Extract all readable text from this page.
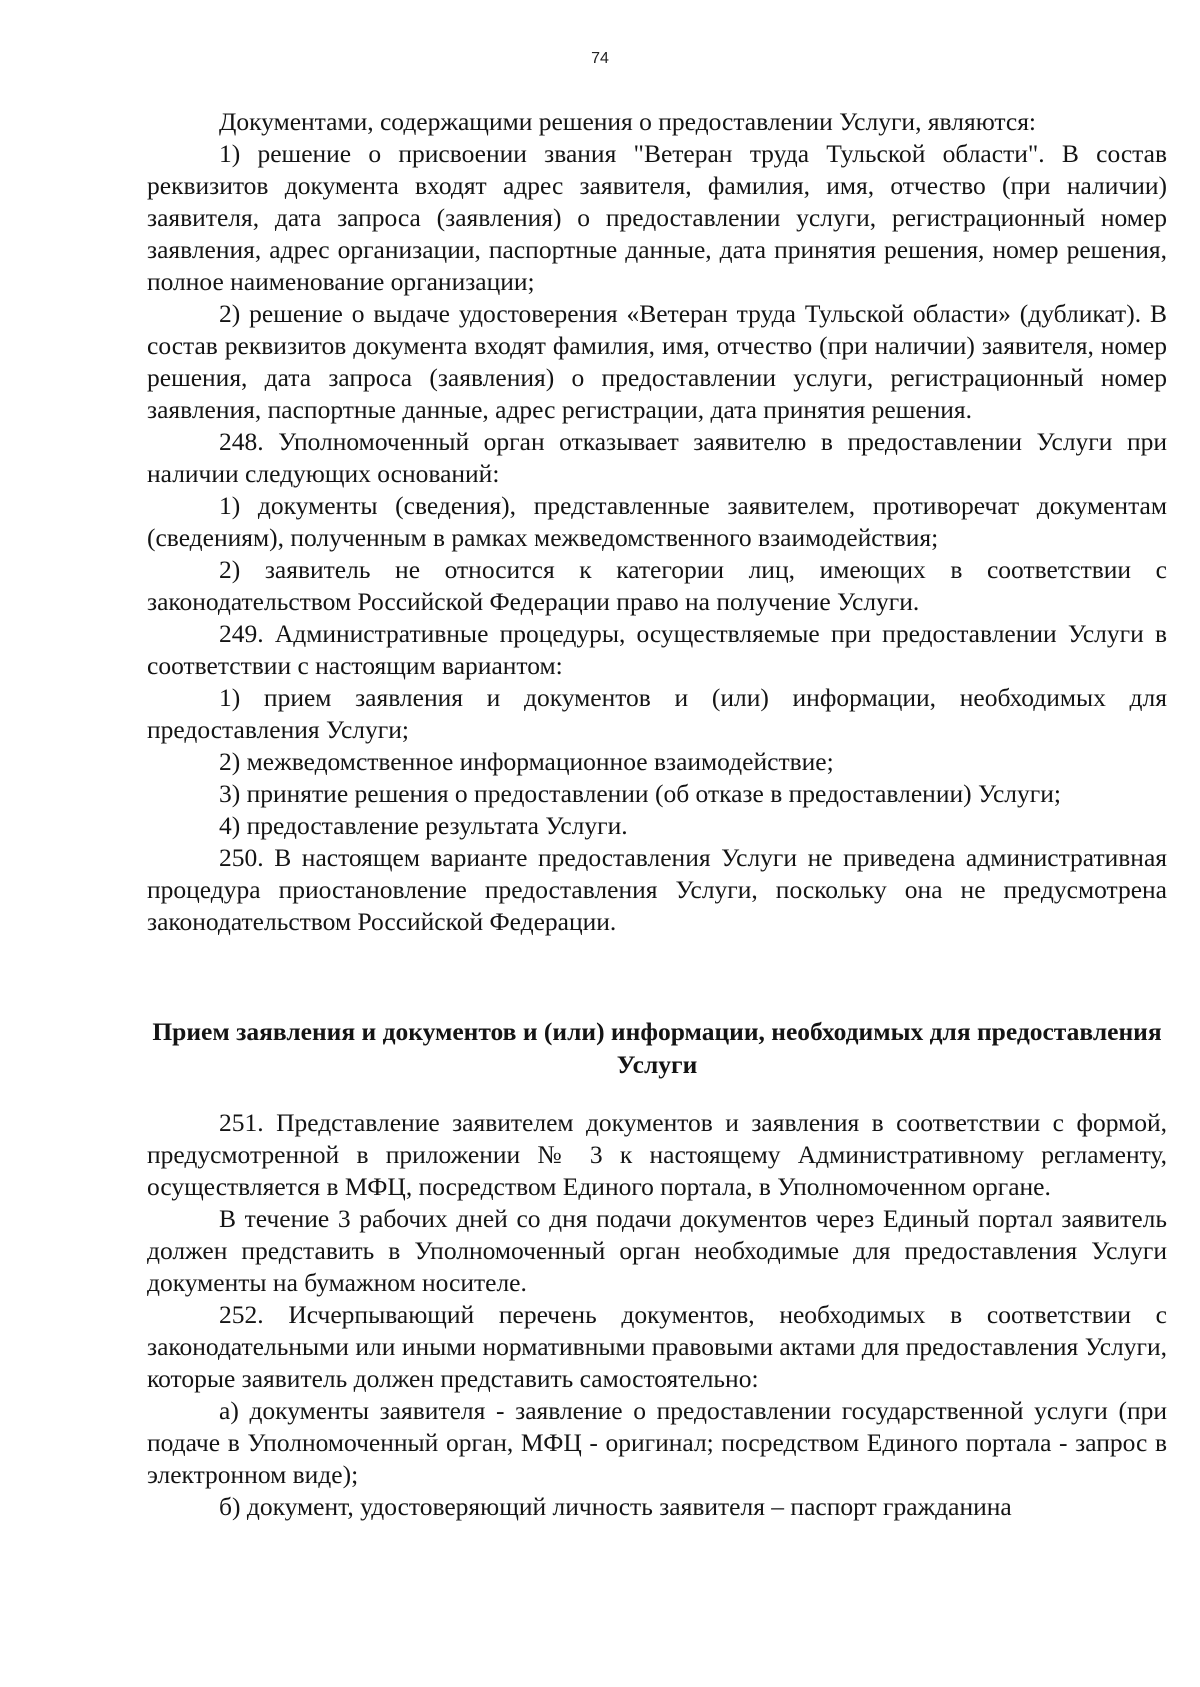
74

Документами, содержащими решения о предоставлении Услуги, являются:

1) решение о присвоении звания "Ветеран труда Тульской области". В состав реквизитов документа входят адрес заявителя, фамилия, имя, отчество (при наличии) заявителя, дата запроса (заявления) о предоставлении услуги, регистрационный номер заявления, адрес организации, паспортные данные, дата принятия решения, номер решения, полное наименование организации;

2) решение о выдаче удостоверения «Ветеран труда Тульской области» (дубликат). В состав реквизитов документа входят фамилия, имя, отчество (при наличии) заявителя, номер решения, дата запроса (заявления) о предоставлении услуги, регистрационный номер заявления, паспортные данные, адрес регистрации, дата принятия решения.

248. Уполномоченный орган отказывает заявителю в предоставлении Услуги при наличии следующих оснований:

1) документы (сведения), представленные заявителем, противоречат документам (сведениям), полученным в рамках межведомственного взаимодействия;

2) заявитель не относится к категории лиц, имеющих в соответствии с законодательством Российской Федерации право на получение Услуги.

249. Административные процедуры, осуществляемые при предоставлении Услуги в соответствии с настоящим вариантом:

1) прием заявления и документов и (или) информации, необходимых для предоставления Услуги;

2) межведомственное информационное взаимодействие;

3) принятие решения о предоставлении (об отказе в предоставлении) Услуги;

4) предоставление результата Услуги.

250. В настоящем варианте предоставления Услуги не приведена административная процедура приостановление предоставления Услуги, поскольку она не предусмотрена законодательством Российской Федерации.

Прием заявления и документов и (или) информации, необходимых для предоставления Услуги

251. Представление заявителем документов и заявления в соответствии с формой, предусмотренной в приложении № 3 к настоящему Административному регламенту, осуществляется в МФЦ, посредством Единого портала, в Уполномоченном органе.

В течение 3 рабочих дней со дня подачи документов через Единый портал заявитель должен представить в Уполномоченный орган необходимые для предоставления Услуги документы на бумажном носителе.

252. Исчерпывающий перечень документов, необходимых в соответствии с законодательными или иными нормативными правовыми актами для предоставления Услуги, которые заявитель должен представить самостоятельно:

а) документы заявителя - заявление о предоставлении государственной услуги (при подаче в Уполномоченный орган, МФЦ - оригинал; посредством Единого портала - запрос в электронном виде);

б) документ, удостоверяющий личность заявителя – паспорт гражданина
